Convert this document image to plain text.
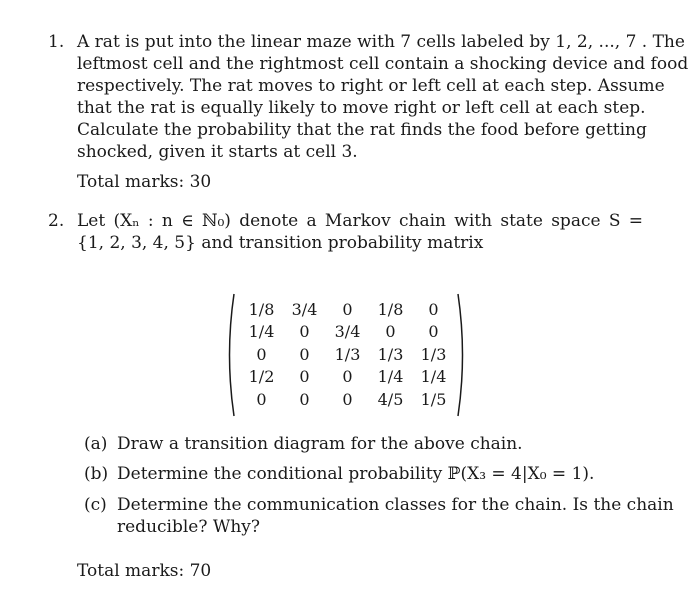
1. A rat is put into the linear maze with 7 cells labeled by 1, 2, ..., 7 . The
leftmost cell and the rightmost cell contain a shocking device and food
respectively. The rat moves to right or left cell at each step. Assume
that the rat is equally likely to move right or left cell at each step.
Calculate the probability that the rat finds the food before getting
shocked, given it starts at cell 3.
Total marks: 30
2. Let (Xₙ : n ∈ ℕ₀) denote a Markov chain with state space S =
{1, 2, 3, 4, 5} and transition probability matrix
1/8	3/4	0	1/8	0
1/4	0	3/4	0	0
0	0	1/3	1/3	1/3
1/2	0	0	1/4	1/4
0	0	0	4/5	1/5
(a) Draw a transition diagram for the above chain.
(b) Determine the conditional probability ℙ(X₃ = 4|X₀ = 1).
(c) Determine the communication classes for the chain. Is the chain
reducible? Why?
Total marks: 70
